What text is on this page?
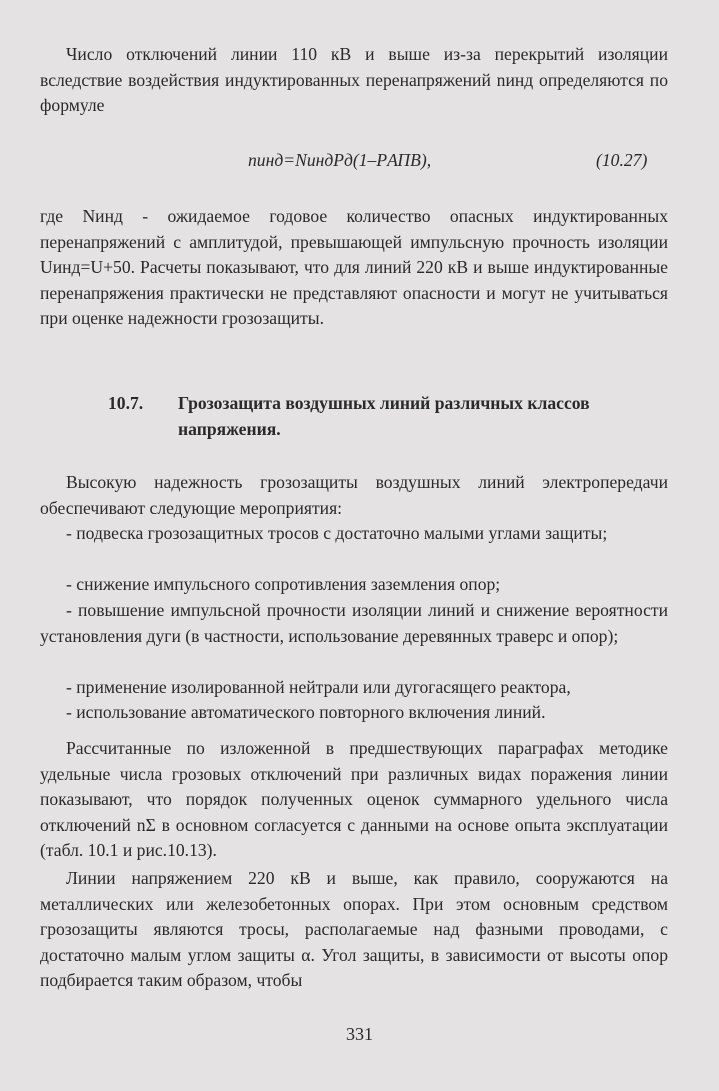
Число отключений линии 110 кВ и выше из-за перекрытий изоляции вследствие воздействия индуктированных перенапряжений nинд определяются по формуле

nинд=NиндPд(1–PАПВ),	(10.27)

где Nинд - ожидаемое годовое количество опасных индуктированных перенапряжений с амплитудой, превышающей импульсную прочность изоляции Uинд=U+50. Расчеты показывают, что для линий 220 кВ и выше индуктированные перенапряжения практически не представляют опасности и могут не учитываться при оценке надежности грозозащиты.

10.7. Грозозащита воздушных линий различных классов напряжения.

Высокую надежность грозозащиты воздушных линий электропередачи обеспечивают следующие мероприятия:

- подвеска грозозащитных тросов с достаточно малыми углами защиты;

- снижение импульсного сопротивления заземления опор;

- повышение импульсной прочности изоляции линий и снижение вероятности установления дуги (в частности, использование деревянных траверс и опор);

- применение изолированной нейтрали или дугогасящего реактора,

- использование автоматического повторного включения линий.

Рассчитанные по изложенной в предшествующих параграфах методике удельные числа грозовых отключений при различных видах поражения линии показывают, что порядок полученных оценок суммарного удельного числа отключений nΣ в основном согласуется с данными на основе опыта эксплуатации (табл. 10.1 и рис.10.13).

Линии напряжением 220 кВ и выше, как правило, сооружаются на металлических или железобетонных опорах. При этом основным средством грозозащиты являются тросы, располагаемые над фазными проводами, с достаточно малым углом защиты α. Угол защиты, в зависимости от высоты опор подбирается таким образом, чтобы

331
